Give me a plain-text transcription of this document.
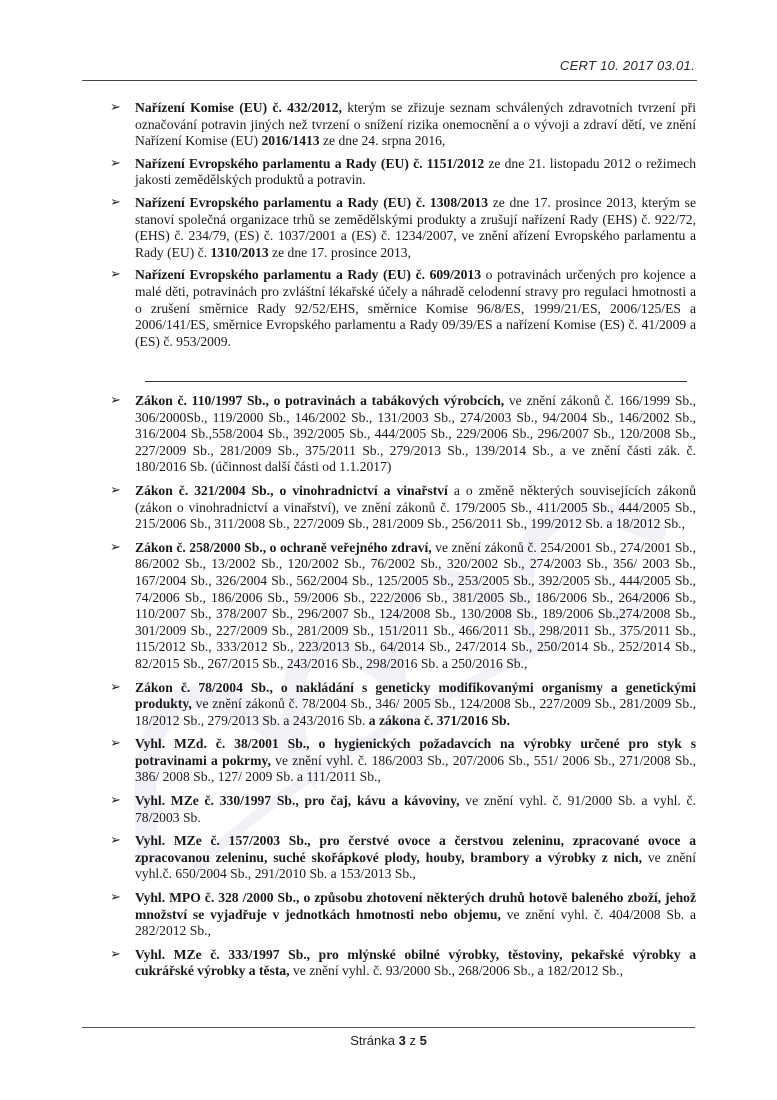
CERT 10. 2017 03.01.
➢	Nařízení Komise (EU) č. 432/2012, kterým se zřizuje seznam schválených zdravotních tvrzení při označování potravin jiných než tvrzení o snížení rizika onemocnění a o vývoji a zdraví dětí, ve znění Nařízení Komise (EU) 2016/1413 ze dne 24. srpna 2016,
➢	Nařízení Evropského parlamentu a Rady (EU) č. 1151/2012 ze dne 21. listopadu 2012 o režimech jakosti zemědělských produktů a potravin.
➢	Nařízení Evropského parlamentu a Rady (EU) č. 1308/2013 ze dne 17. prosince 2013, kterým se stanoví společná organizace trhů se zemědělskými produkty a zrušují nařízení Rady (EHS) č. 922/72, (EHS) č. 234/79, (ES) č. 1037/2001 a (ES) č. 1234/2007, ve znění ařízení Evropského parlamentu a Rady (EU) č. 1310/2013 ze dne 17. prosince 2013,
➢	Nařízení Evropského parlamentu a Rady (EU) č. 609/2013 o potravinách určených pro kojence a malé děti, potravinách pro zvláštní lékařské účely a náhradě celodenní stravy pro regulaci hmotnosti a o zrušení směrnice Rady 92/52/EHS, směrnice Komise 96/8/ES, 1999/21/ES, 2006/125/ES a 2006/141/ES, směrnice Evropského parlamentu a Rady 09/39/ES a nařízení Komise (ES) č. 41/2009 a (ES) č. 953/2009.
➢	Zákon č. 110/1997 Sb., o potravinách a tabákových výrobcích, ve znění zákonů č. 166/1999 Sb., 306/2000Sb., 119/2000 Sb., 146/2002 Sb., 131/2003 Sb., 274/2003 Sb., 94/2004 Sb., 146/2002 Sb., 316/2004 Sb.,558/2004 Sb., 392/2005 Sb., 444/2005 Sb., 229/2006 Sb., 296/2007 Sb., 120/2008 Sb., 227/2009 Sb., 281/2009 Sb., 375/2011 Sb., 279/2013 Sb., 139/2014 Sb., a ve znění části zák. č. 180/2016 Sb. (účinnost další části od 1.1.2017)
➢	Zákon č. 321/2004 Sb., o vinohradnictví a vinařství a o změně některých souvisejících zákonů (zákon o vinohradnictví a vinařství), ve znění zákonů č. 179/2005 Sb., 411/2005 Sb., 444/2005 Sb., 215/2006 Sb., 311/2008 Sb., 227/2009 Sb., 281/2009 Sb., 256/2011 Sb., 199/2012 Sb. a 18/2012 Sb.,
➢	Zákon č. 258/2000 Sb., o ochraně veřejného zdraví, ve znění zákonů č. 254/2001 Sb., 274/2001 Sb., 86/2002 Sb., 13/2002 Sb., 120/2002 Sb., 76/2002 Sb., 320/2002 Sb., 274/2003 Sb., 356/ 2003 Sb., 167/2004 Sb., 326/2004 Sb., 562/2004 Sb., 125/2005 Sb., 253/2005 Sb., 392/2005 Sb., 444/2005 Sb., 74/2006 Sb., 186/2006 Sb., 59/2006 Sb., 222/2006 Sb., 381/2005 Sb., 186/2006 Sb., 264/2006 Sb., 110/2007 Sb., 378/2007 Sb., 296/2007 Sb., 124/2008 Sb., 130/2008 Sb., 189/2006 Sb.,274/2008 Sb., 301/2009 Sb., 227/2009 Sb., 281/2009 Sb., 151/2011 Sb., 466/2011 Sb., 298/2011 Sb., 375/2011 Sb., 115/2012 Sb., 333/2012 Sb., 223/2013 Sb., 64/2014 Sb., 247/2014 Sb., 250/2014 Sb., 252/2014 Sb., 82/2015 Sb., 267/2015 Sb., 243/2016 Sb., 298/2016 Sb. a 250/2016 Sb.,
➢	Zákon č. 78/2004 Sb., o nakládání s geneticky modifikovanými organismy a genetickými produkty, ve znění zákonů č. 78/2004 Sb., 346/ 2005 Sb., 124/2008 Sb., 227/2009 Sb., 281/2009 Sb., 18/2012 Sb., 279/2013 Sb. a 243/2016 Sb. a zákona č. 371/2016 Sb.
➢	Vyhl. MZd. č. 38/2001 Sb., o hygienických požadavcích na výrobky určené pro styk s potravinami a pokrmy, ve znění vyhl. č. 186/2003 Sb., 207/2006 Sb., 551/ 2006 Sb., 271/2008 Sb., 386/ 2008 Sb., 127/ 2009 Sb. a 111/2011 Sb.,
➢	Vyhl. MZe č. 330/1997 Sb., pro čaj, kávu a kávoviny, ve znění vyhl. č. 91/2000 Sb. a vyhl. č. 78/2003 Sb.
➢	Vyhl. MZe č. 157/2003 Sb., pro čerstvé ovoce a čerstvou zeleninu, zpracované ovoce a zpracovanou zeleninu, suché skořápkové plody, houby, brambory a výrobky z nich, ve znění vyhl.č. 650/2004 Sb., 291/2010 Sb. a 153/2013 Sb.,
➢	Vyhl. MPO č. 328 /2000 Sb., o způsobu zhotovení některých druhů hotově baleného zboží, jehož množství se vyjadřuje v jednotkách hmotnosti nebo objemu, ve znění vyhl. č. 404/2008 Sb. a 282/2012 Sb.,
➢	Vyhl. MZe č. 333/1997 Sb., pro mlýnské obilné výrobky, těstoviny, pekařské výrobky a cukrářské výrobky a těsta, ve znění vyhl. č. 93/2000 Sb., 268/2006 Sb., a 182/2012 Sb.,
Stránka 3 z 5
